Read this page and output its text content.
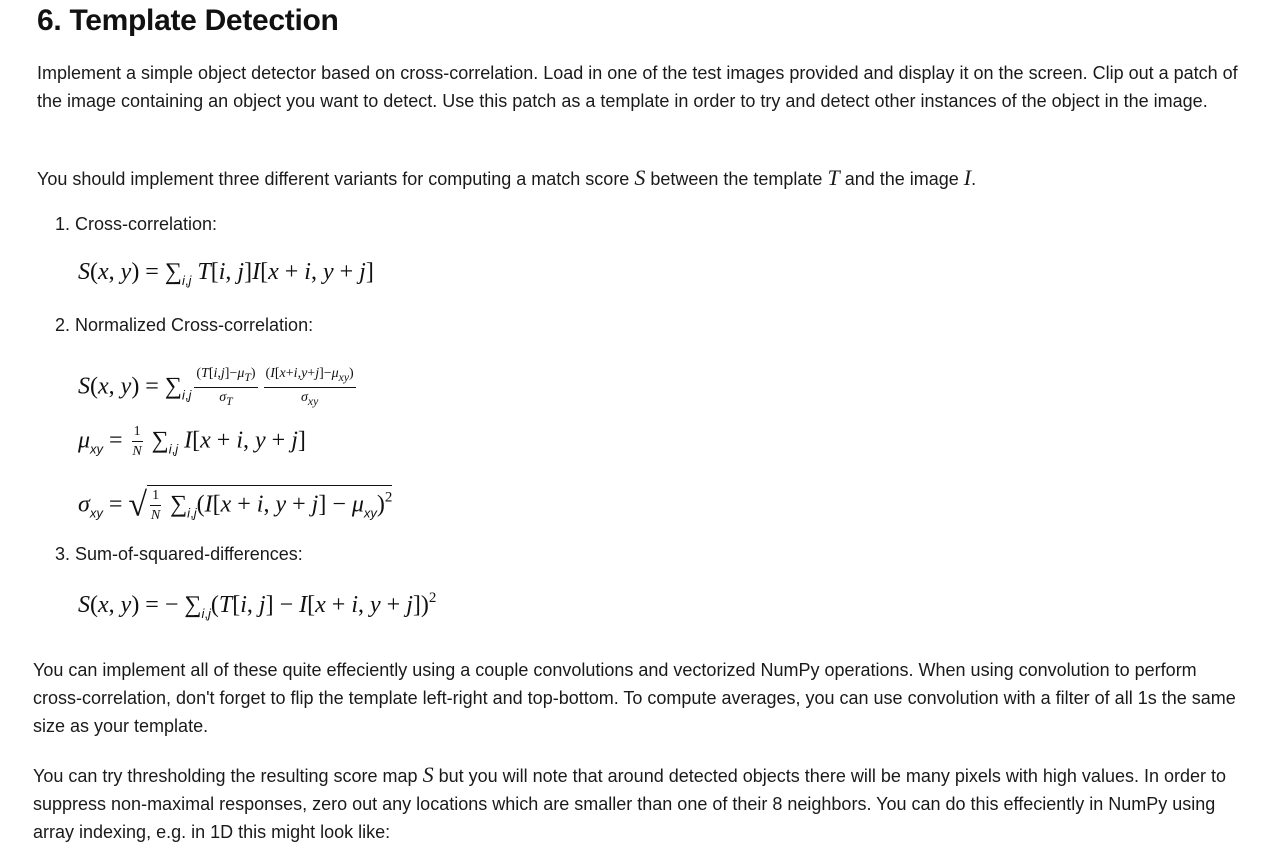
6. Template Detection

Implement a simple object detector based on cross-correlation. Load in one of the test images provided and display it on the screen. Clip out a patch of the image containing an object you want to detect. Use this patch as a template in order to try and detect other instances of the object in the image.

You should implement three different variants for computing a match score S between the template T and the image I.

1. Cross-correlation:

S(x, $y) = \sum_{i,j}$ T[i, j]I[x + i, y + j]

2. Normalized Cross-correlation:

S(x, $y) = \sum_{i,j} \frac{(T[i,j]-\mu_T)}{\sigma_T} \frac{(I[x+i,y+j]-\mu_{xy})}{\sigma_{xy}}$
$\mu_{xy} = \frac{1}{N} \sum_{i,j}$ I[x + i, y + j]
$\sigma_{xy}$ = √ $\frac{1}{N} \sum_{i,j}(I[x + i$, $y + j] - \mu_{xy})^2$

3. Sum-of-squared-differences:

S(x, y) = − $\sum_{i,j}(T[i$, j] − I[x + i, y + j])$^2$

You can implement all of these quite effeciently using a couple convolutions and vectorized NumPy operations. When using convolution to perform cross-correlation, don't forget to flip the template left-right and top-bottom. To compute averages, you can use convolution with a filter of all 1s the same size as your template.

You can try thresholding the resulting score map S but you will note that around detected objects there will be many pixels with high values. In order to suppress non-maximal responses, zero out any locations which are smaller than one of their 8 neighbors. You can do this effeciently in NumPy using array indexing, e.g. in 1D this might look like:
